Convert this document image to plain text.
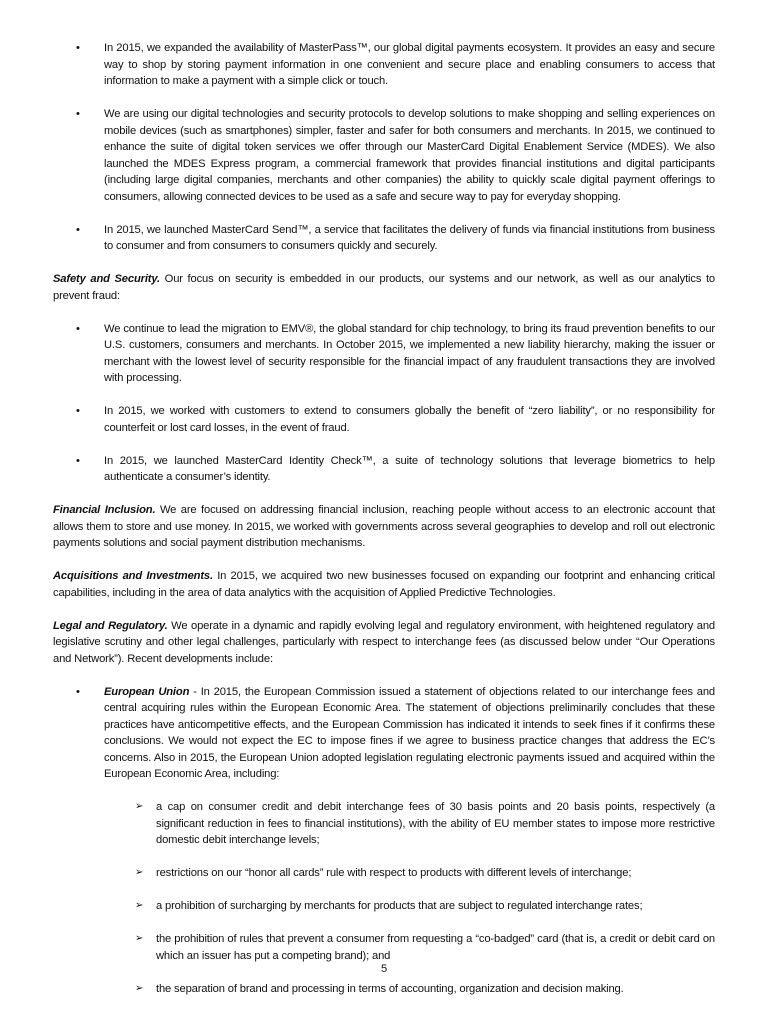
• In 2015, we expanded the availability of MasterPass™, our global digital payments ecosystem. It provides an easy and secure way to shop by storing payment information in one convenient and secure place and enabling consumers to access that information to make a payment with a simple click or touch.
• We are using our digital technologies and security protocols to develop solutions to make shopping and selling experiences on mobile devices (such as smartphones) simpler, faster and safer for both consumers and merchants. In 2015, we continued to enhance the suite of digital token services we offer through our MasterCard Digital Enablement Service (MDES). We also launched the MDES Express program, a commercial framework that provides financial institutions and digital participants (including large digital companies, merchants and other companies) the ability to quickly scale digital payment offerings to consumers, allowing connected devices to be used as a safe and secure way to pay for everyday shopping.
• In 2015, we launched MasterCard Send™, a service that facilitates the delivery of funds via financial institutions from business to consumer and from consumers to consumers quickly and securely.

Safety and Security. Our focus on security is embedded in our products, our systems and our network, as well as our analytics to prevent fraud:

• We continue to lead the migration to EMV®, the global standard for chip technology, to bring its fraud prevention benefits to our U.S. customers, consumers and merchants. In October 2015, we implemented a new liability hierarchy, making the issuer or merchant with the lowest level of security responsible for the financial impact of any fraudulent transactions they are involved with processing.
• In 2015, we worked with customers to extend to consumers globally the benefit of “zero liability”, or no responsibility for counterfeit or lost card losses, in the event of fraud.
• In 2015, we launched MasterCard Identity Check™, a suite of technology solutions that leverage biometrics to help authenticate a consumer’s identity.

Financial Inclusion. We are focused on addressing financial inclusion, reaching people without access to an electronic account that allows them to store and use money. In 2015, we worked with governments across several geographies to develop and roll out electronic payments solutions and social payment distribution mechanisms.

Acquisitions and Investments. In 2015, we acquired two new businesses focused on expanding our footprint and enhancing critical capabilities, including in the area of data analytics with the acquisition of Applied Predictive Technologies.

Legal and Regulatory. We operate in a dynamic and rapidly evolving legal and regulatory environment, with heightened regulatory and legislative scrutiny and other legal challenges, particularly with respect to interchange fees (as discussed below under “Our Operations and Network”). Recent developments include:

• European Union - In 2015, the European Commission issued a statement of objections related to our interchange fees and central acquiring rules within the European Economic Area. The statement of objections preliminarily concludes that these practices have anticompetitive effects, and the European Commission has indicated it intends to seek fines if it confirms these conclusions. We would not expect the EC to impose fines if we agree to business practice changes that address the EC’s concerns. Also in 2015, the European Union adopted legislation regulating electronic payments issued and acquired within the European Economic Area, including:
➢ a cap on consumer credit and debit interchange fees of 30 basis points and 20 basis points, respectively (a significant reduction in fees to financial institutions), with the ability of EU member states to impose more restrictive domestic debit interchange levels;
➢ restrictions on our “honor all cards” rule with respect to products with different levels of interchange;
➢ a prohibition of surcharging by merchants for products that are subject to regulated interchange rates;
➢ the prohibition of rules that prevent a consumer from requesting a “co-badged” card (that is, a credit or debit card on which an issuer has put a competing brand); and
➢ the separation of brand and processing in terms of accounting, organization and decision making.
5
